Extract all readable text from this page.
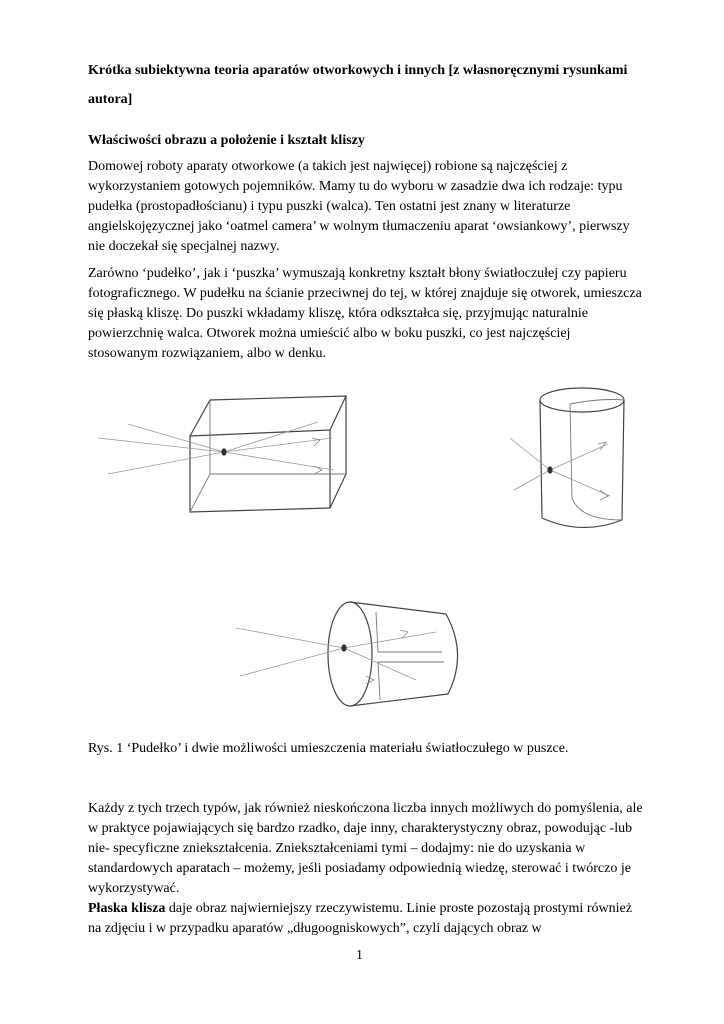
Krótka subiektywna teoria aparatów otworkowych i innych [z własnoręcznymi rysunkami autora]
Właściwości obrazu a położenie i kształt kliszy

Domowej roboty aparaty otworkowe (a takich jest najwięcej) robione są najczęściej z wykorzystaniem gotowych pojemników. Mamy tu do wyboru w zasadzie dwa ich rodzaje: typu pudełka (prostopadłościanu) i typu puszki (walca). Ten ostatni jest znany w literaturze angielskojęzycznej jako ‘oatmel camera’ w wolnym tłumaczeniu aparat ‘owsiankowy’, pierwszy nie doczekał się specjalnej nazwy.

Zarówno ‘pudełko’, jak i ‘puszka’ wymuszają konkretny kształt błony światłoczułej czy papieru fotograficznego. W pudełku na ścianie przeciwnej do tej, w której znajduje się otworek, umieszcza się płaską kliszę. Do puszki wkładamy kliszę, która odkształca się, przyjmując naturalnie powierzchnię walca. Otworek można umieścić albo w boku puszki, co jest najczęściej stosowanym rozwiązaniem, albo w denku.

Rys. 1 ‘Pudełko’ i dwie możliwości umieszczenia materiału światłoczułego w puszce.

Każdy z tych trzech typów, jak również nieskończona liczba innych możliwych do pomyślenia, ale w praktyce pojawiających się bardzo rzadko, daje inny, charakterystyczny obraz, powodując -lub nie- specyficzne zniekształcenia. Zniekształceniami tymi – dodajmy: nie do uzyskania w standardowych aparatach – możemy, jeśli posiadamy odpowiednią wiedzę, sterować i twórczo je wykorzystywać.

Płaska klisza daje obraz najwierniejszy rzeczywistemu. Linie proste pozostają prostymi również na zdjęciu i w przypadku aparatów „długoogniskowych”, czyli dających obraz w

1
